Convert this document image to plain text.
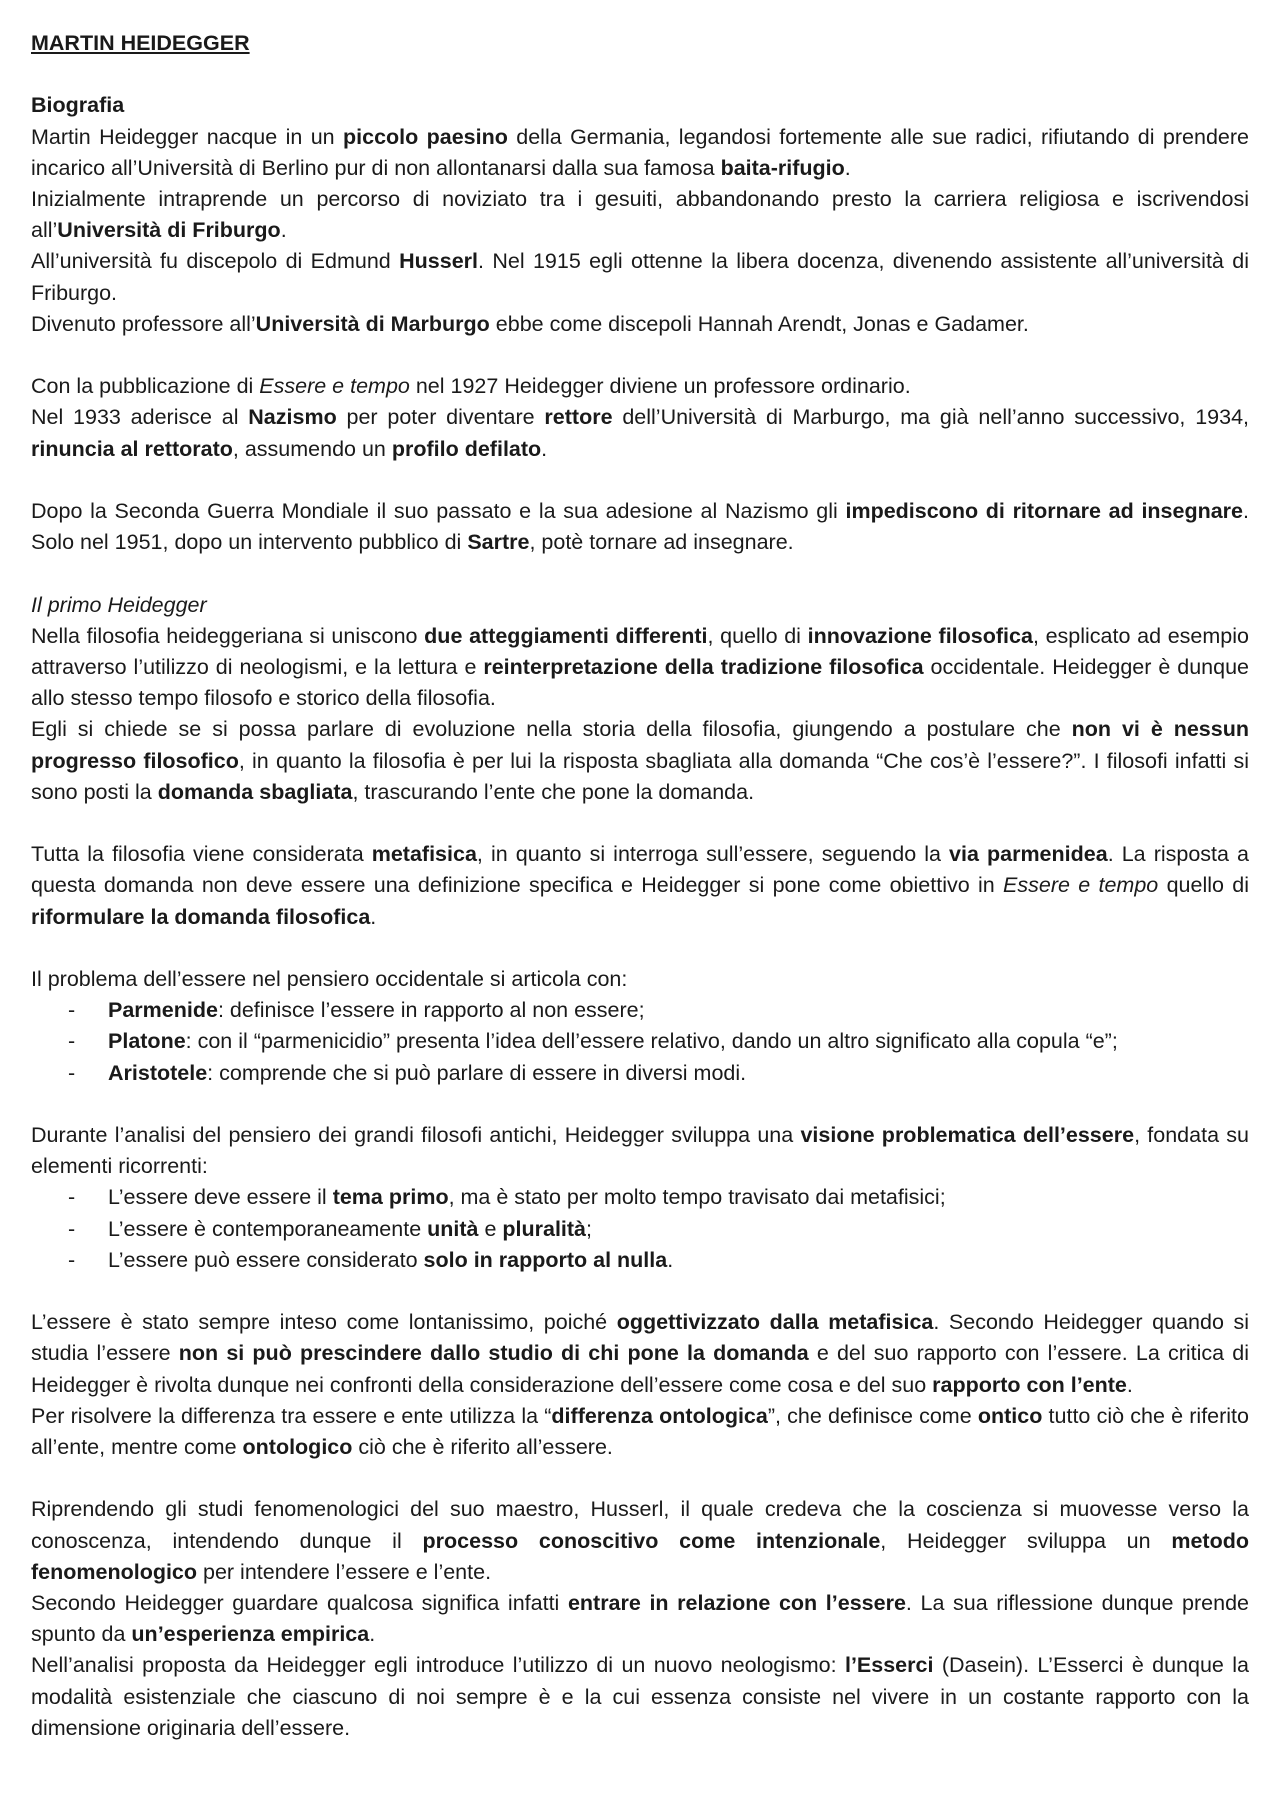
MARTIN HEIDEGGER
Biografia

Martin Heidegger nacque in un piccolo paesino della Germania, legandosi fortemente alle sue radici, rifiutando di prendere incarico all’Università di Berlino pur di non allontanarsi dalla sua famosa baita-rifugio.

Inizialmente intraprende un percorso di noviziato tra i gesuiti, abbandonando presto la carriera religiosa e iscrivendosi all’Università di Friburgo.

All’università fu discepolo di Edmund Husserl. Nel 1915 egli ottenne la libera docenza, divenendo assistente all’università di Friburgo.

Divenuto professore all’Università di Marburgo ebbe come discepoli Hannah Arendt, Jonas e Gadamer.

Con la pubblicazione di Essere e tempo nel 1927 Heidegger diviene un professore ordinario.

Nel 1933 aderisce al Nazismo per poter diventare rettore dell’Università di Marburgo, ma già nell’anno successivo, 1934, rinuncia al rettorato, assumendo un profilo defilato.

Dopo la Seconda Guerra Mondiale il suo passato e la sua adesione al Nazismo gli impediscono di ritornare ad insegnare. Solo nel 1951, dopo un intervento pubblico di Sartre, potè tornare ad insegnare.

Il primo Heidegger

Nella filosofia heideggeriana si uniscono due atteggiamenti differenti, quello di innovazione filosofica, esplicato ad esempio attraverso l’utilizzo di neologismi, e la lettura e reinterpretazione della tradizione filosofica occidentale. Heidegger è dunque allo stesso tempo filosofo e storico della filosofia.

Egli si chiede se si possa parlare di evoluzione nella storia della filosofia, giungendo a postulare che non vi è nessun progresso filosofico, in quanto la filosofia è per lui la risposta sbagliata alla domanda “Che cos’è l’essere?”. I filosofi infatti si sono posti la domanda sbagliata, trascurando l’ente che pone la domanda.

Tutta la filosofia viene considerata metafisica, in quanto si interroga sull’essere, seguendo la via parmenidea. La risposta a questa domanda non deve essere una definizione specifica e Heidegger si pone come obiettivo in Essere e tempo quello di riformulare la domanda filosofica.

Il problema dell’essere nel pensiero occidentale si articola con:

- Parmenide: definisce l’essere in rapporto al non essere;
- Platone: con il “parmenicidio” presenta l’idea dell’essere relativo, dando un altro significato alla copula “e”;
- Aristotele: comprende che si può parlare di essere in diversi modi.

Durante l’analisi del pensiero dei grandi filosofi antichi, Heidegger sviluppa una visione problematica dell’essere, fondata su elementi ricorrenti:

- L’essere deve essere il tema primo, ma è stato per molto tempo travisato dai metafisici;
- L’essere è contemporaneamente unità e pluralità;
- L’essere può essere considerato solo in rapporto al nulla.

L’essere è stato sempre inteso come lontanissimo, poiché oggettivizzato dalla metafisica. Secondo Heidegger quando si studia l’essere non si può prescindere dallo studio di chi pone la domanda e del suo rapporto con l’essere. La critica di Heidegger è rivolta dunque nei confronti della considerazione dell’essere come cosa e del suo rapporto con l’ente.

Per risolvere la differenza tra essere e ente utilizza la “differenza ontologica”, che definisce come ontico tutto ciò che è riferito all’ente, mentre come ontologico ciò che è riferito all’essere.

Riprendendo gli studi fenomenologici del suo maestro, Husserl, il quale credeva che la coscienza si muovesse verso la conoscenza, intendendo dunque il processo conoscitivo come intenzionale, Heidegger sviluppa un metodo fenomenologico per intendere l’essere e l’ente.

Secondo Heidegger guardare qualcosa significa infatti entrare in relazione con l’essere. La sua riflessione dunque prende spunto da un’esperienza empirica.

Nell’analisi proposta da Heidegger egli introduce l’utilizzo di un nuovo neologismo: l’Esserci (Dasein). L’Esserci è dunque la modalità esistenziale che ciascuno di noi sempre è e la cui essenza consiste nel vivere in un costante rapporto con la dimensione originaria dell’essere.
